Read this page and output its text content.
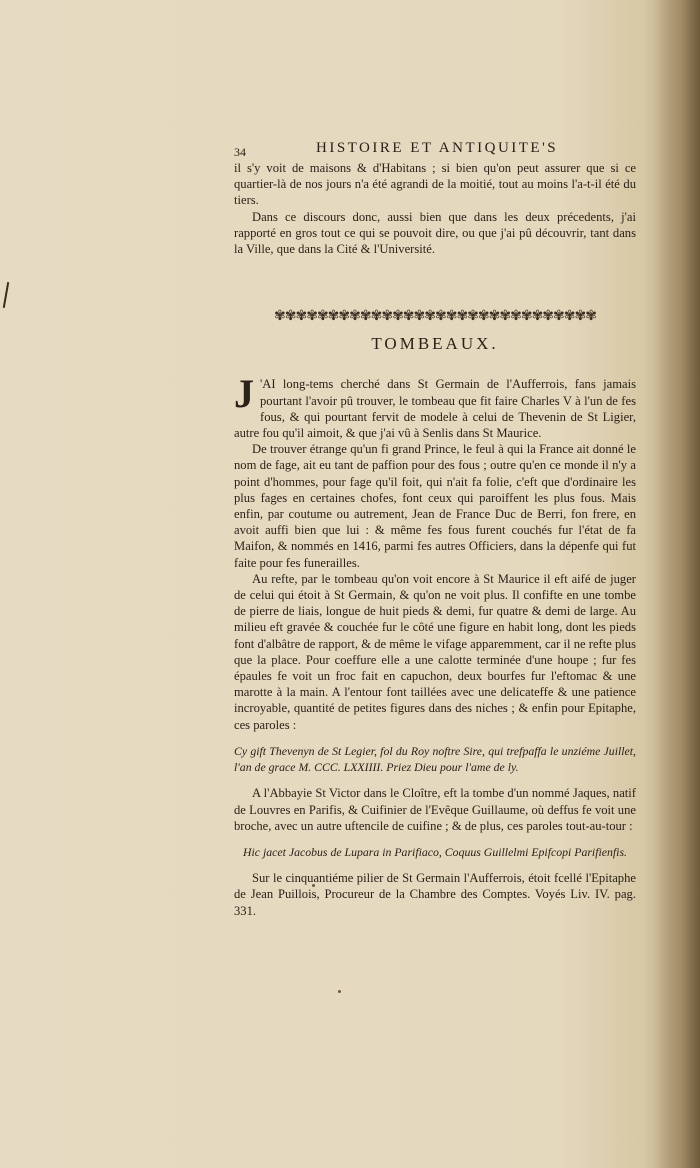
34	HISTOIRE ET ANTIQUITE'S

il s'y voit de maisons & d'Habitans ; si bien qu'on peut assurer que si ce quartier-là de nos jours n'a été agrandi de la moitié, tout au moins l'a-t-il été du tiers.

Dans ce discours donc, aussi bien que dans les deux précedents, j'ai rapporté en gros tout ce qui se pouvoit dire, ou que j'ai pû découvrir, tant dans la Ville, que dans la Cité & l'Université.

✾✾✾✾✾✾✾✾✾✾✾✾✾✾✾✾✾✾✾✾✾✾✾✾✾✾✾✾✾✾
TOMBEAUX.
J 'AI long-tems cherché dans St Germain de l'Aufferrois, fans jamais pourtant l'avoir pû trouver, le tombeau que fit faire Charles V à l'un de fes fous, & qui pourtant fervit de modele à celui de Thevenin de St Ligier, autre fou qu'il aimoit, & que j'ai vû à Senlis dans St Maurice.

De trouver étrange qu'un fi grand Prince, le feul à qui la France ait donné le nom de fage, ait eu tant de paffion pour des fous ; outre qu'en ce monde il n'y a point d'hommes, pour fage qu'il foit, qui n'ait fa folie, c'eft que d'ordinaire les plus fages en certaines chofes, font ceux qui paroiffent les plus fous. Mais enfin, par coutume ou autrement, Jean de France Duc de Berri, fon frere, en avoit auffi bien que lui : & même fes fous furent couchés fur l'état de fa Maifon, & nommés en 1416, parmi fes autres Officiers, dans la dépenfe qui fut faite pour fes funerailles.

Au refte, par le tombeau qu'on voit encore à St Maurice il eft aifé de juger de celui qui étoit à St Germain, & qu'on ne voit plus. Il confifte en une tombe de pierre de liais, longue de huit pieds & demi, fur quatre & demi de large. Au milieu eft gravée & couchée fur le côté une figure en habit long, dont les pieds font d'albâtre de rapport, & de même le vifage apparemment, car il ne refte plus que la place. Pour coeffure elle a une calotte terminée d'une houpe ; fur fes épaules fe voit un froc fait en capuchon, deux bourfes fur l'eftomac & une marotte à la main. A l'entour font taillées avec une delicateffe & une patience incroyable, quantité de petites figures dans des niches ; & enfin pour Epitaphe, ces paroles :

Cy gift Thevenyn de St Legier, fol du Roy noftre Sire, qui trefpaffa le unziéme Juillet, l'an de grace M. CCC. LXXIIII. Priez Dieu pour l'ame de ly.

A l'Abbayie St Victor dans le Cloître, eft la tombe d'un nommé Jaques, natif de Louvres en Parifis, & Cuifinier de l'Evêque Guillaume, où deffus fe voit une broche, avec un autre uftencile de cuifine ; & de plus, ces paroles tout-au-tour :

Hic jacet Jacobus de Lupara in Parifiaco, Coquus Guillelmi Epifcopi Parifienfis.

Sur le cinquantiéme pilier de St Germain l'Aufferrois, étoit fcellé l'Epitaphe de Jean Puillois, Procureur de la Chambre des Comptes. Voyés Liv. IV. pag. 331.
